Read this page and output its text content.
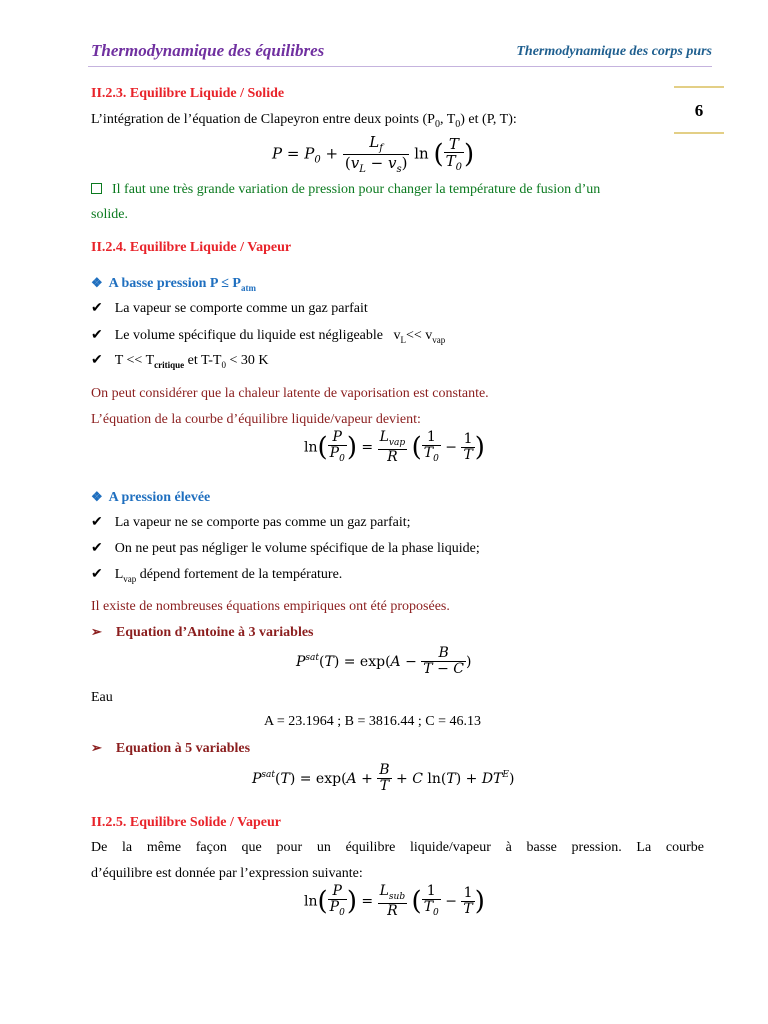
Thermodynamique des équilibres	Thermodynamique des corps purs
6
II.2.3. Equilibre Liquide / Solide
L’intégration de l’équation de Clapeyron entre deux points ($P_0$, $T_0$) et (P, T):
$P = P_0 + \frac{L_f}{(v_L - v_s)}$ ln ( $\frac{T}{T_0}$ )
Il faut une très grande variation de pression pour changer la température de fusion d’un
solide.
II.2.4. Equilibre Liquide / Vapeur
❖ A basse pression $P \le P_{atm}$
✔ La vapeur se comporte comme un gaz parfait
✔ Le volume spécifique du liquide est négligeable   $v_L<< v_{vap}$
✔ $T << T_{critique}$ et $T-T_0 < 30$ K
On peut considérer que la chaleur latente de vaporisation est constante.
L’équation de la courbe d’équilibre liquide/vapeur devient:
$\ln( \frac{P}{P_0}$ ) = $\frac{L_{vap}}{R}$ ( $\frac{1}{T_0} - \frac{1}{T}$ )
❖ A pression élevée
✔ La vapeur ne se comporte pas comme un gaz parfait;
✔ On ne peut pas négliger le volume spécifique de la phase liquide;
✔ $L_{vap}$ dépend fortement de la température.
Il existe de nombreuses équations empiriques ont été proposées.
➢ Equation d’Antoine à 3 variables
$P^{sat}(T) = \exp(A - \frac{B}{T - C}$ )
Eau
A = 23.1964 ; B = 3816.44 ; C = 46.13
➢ Equation à 5 variables
$P^{sat}(T) = \exp(A + \frac{B}{T} + C$ $\ln(T) + DT^E$)
II.2.5. Equilibre Solide / Vapeur
De la même façon que pour un équilibre liquide/vapeur à basse pression. La courbe
d’équilibre est donnée par l’expression suivante:
$\ln( \frac{P}{P_0}$ ) = $\frac{L_{sub}}{R}$ ( $\frac{1}{T_0} - \frac{1}{T}$ )
